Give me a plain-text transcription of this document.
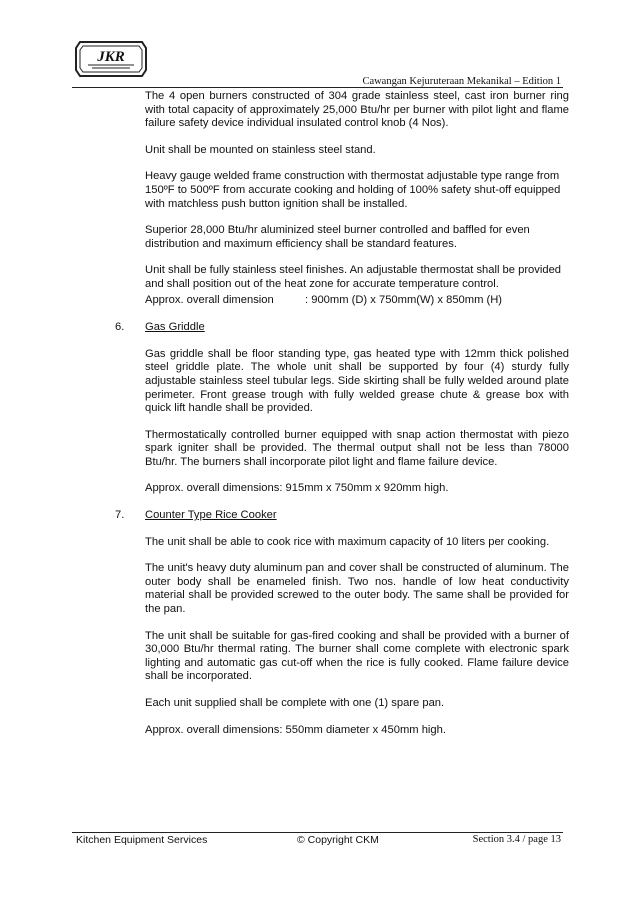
JKR
Cawangan Kejuruteraan Mekanikal – Edition 1

The 4 open burners constructed of 304 grade stainless steel, cast iron burner ring with total capacity of approximately 25,000 Btu/hr per burner with pilot light and flame failure safety device individual insulated control knob (4 Nos).

Unit shall be mounted on stainless steel stand.

Heavy gauge welded frame construction with thermostat adjustable type range from 150ºF to 500ºF from accurate cooking and holding of 100% safety shut-off equipped with matchless push button ignition shall be installed.

Superior 28,000 Btu/hr aluminized steel burner controlled and baffled for even distribution and maximum efficiency shall be standard features.

Unit shall be fully stainless steel finishes. An adjustable thermostat shall be provided and shall position out of the heat zone for accurate temperature control.

Approx. overall dimension	: 900mm (D) x 750mm(W) x 850mm (H)
6. Gas Griddle

Gas griddle shall be floor standing type, gas heated type with 12mm thick polished steel griddle plate. The whole unit shall be supported by four (4) sturdy fully adjustable stainless steel tubular legs. Side skirting shall be fully welded around plate perimeter. Front grease trough with fully welded grease chute & grease box with quick lift handle shall be provided.

Thermostatically controlled burner equipped with snap action thermostat with piezo spark igniter shall be provided. The thermal output shall not be less than 78000 Btu/hr. The burners shall incorporate pilot light and flame failure device.

Approx. overall dimensions: 915mm x 750mm x 920mm high.

7. Counter Type Rice Cooker

The unit shall be able to cook rice with maximum capacity of 10 liters per cooking.

The unit's heavy duty aluminum pan and cover shall be constructed of aluminum. The outer body shall be enameled finish. Two nos. handle of low heat conductivity material shall be provided screwed to the outer body. The same shall be provided for the pan.

The unit shall be suitable for gas-fired cooking and shall be provided with a burner of 30,000 Btu/hr thermal rating. The burner shall come complete with electronic spark lighting and automatic gas cut-off when the rice is fully cooked. Flame failure device shall be incorporated.

Each unit supplied shall be complete with one (1) spare pan.

Approx. overall dimensions: 550mm diameter x 450mm high.

Kitchen Equipment Services	© Copyright CKM	Section 3.4 / page 13
